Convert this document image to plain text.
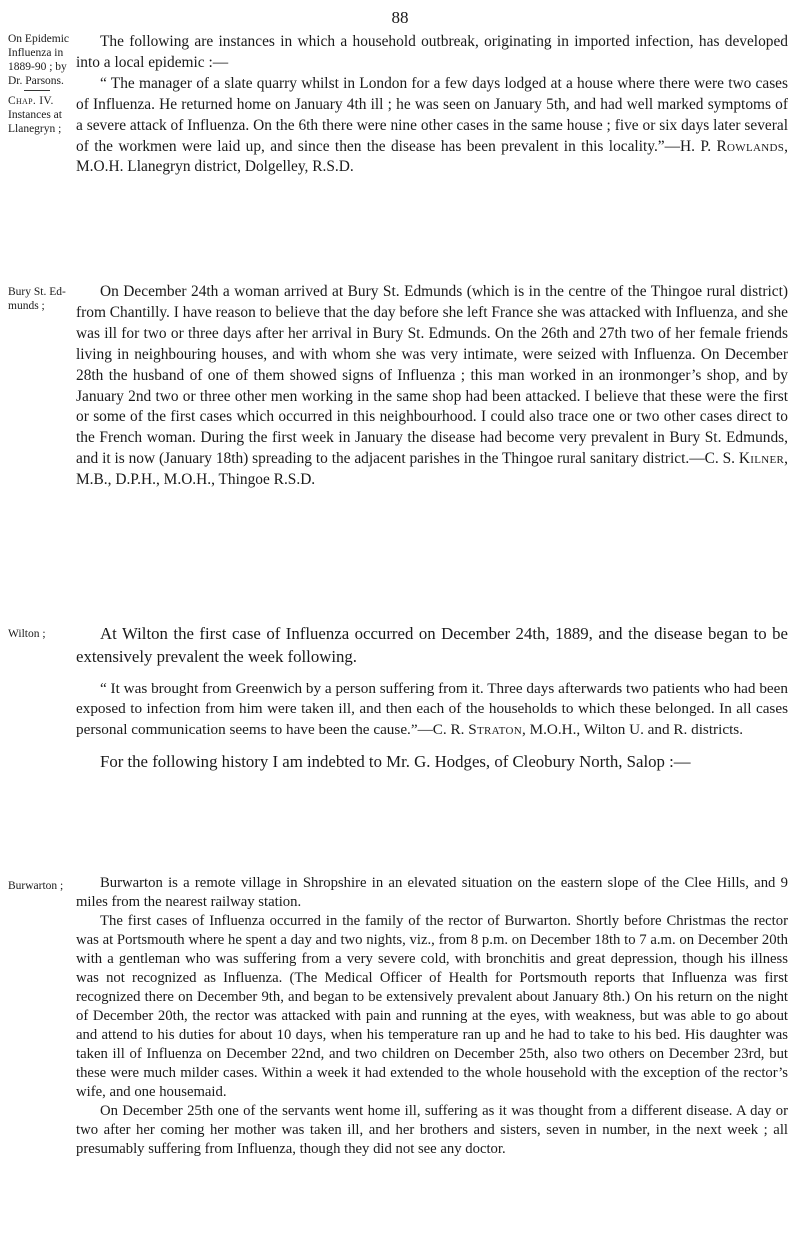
88
On Epidemic
Influenza in
1889-90 ; by
Dr. Parsons.
Chap. IV.
Instances at
Llanegryn ;
Bury St. Ed-
munds ;
Wilton ;
Burwarton ;

The following are instances in which a household outbreak, originating in imported infection, has developed into a local epidemic :—

“ The manager of a slate quarry whilst in London for a few days lodged at a house where there were two cases of Influenza. He returned home on January 4th ill ; he was seen on January 5th, and had well marked symptoms of a severe attack of Influenza. On the 6th there were nine other cases in the same house ; five or six days later several of the workmen were laid up, and since then the disease has been prevalent in this locality.”—H. P. Rowlands, M.O.H. Llanegryn district, Dolgelley, R.S.D.

On December 24th a woman arrived at Bury St. Edmunds (which is in the centre of the Thingoe rural district) from Chantilly. I have reason to believe that the day before she left France she was attacked with Influenza, and she was ill for two or three days after her arrival in Bury St. Edmunds. On the 26th and 27th two of her female friends living in neighbouring houses, and with whom she was very intimate, were seized with Influenza. On December 28th the husband of one of them showed signs of Influenza ; this man worked in an ironmonger’s shop, and by January 2nd two or three other men working in the same shop had been attacked. I believe that these were the first or some of the first cases which occurred in this neighbourhood. I could also trace one or two other cases direct to the French woman. During the first week in January the disease had become very prevalent in Bury St. Edmunds, and it is now (January 18th) spreading to the adjacent parishes in the Thingoe rural sanitary district.—C. S. Kilner, M.B., D.P.H., M.O.H., Thingoe R.S.D.

At Wilton the first case of Influenza occurred on December 24th, 1889, and the disease began to be extensively prevalent the week following.

“ It was brought from Greenwich by a person suffering from it. Three days afterwards two patients who had been exposed to infection from him were taken ill, and then each of the households to which these belonged. In all cases personal communication seems to have been the cause.”—C. R. Straton, M.O.H., Wilton U. and R. districts.

For the following history I am indebted to Mr. G. Hodges, of Cleobury North, Salop :—

Burwarton is a remote village in Shropshire in an elevated situation on the eastern slope of the Clee Hills, and 9 miles from the nearest railway station.

The first cases of Influenza occurred in the family of the rector of Burwarton. Shortly before Christmas the rector was at Portsmouth where he spent a day and two nights, viz., from 8 p.m. on December 18th to 7 a.m. on December 20th with a gentleman who was suffering from a very severe cold, with bronchitis and great depression, though his illness was not recognized as Influenza. (The Medical Officer of Health for Portsmouth reports that Influenza was first recognized there on December 9th, and began to be extensively prevalent about January 8th.) On his return on the night of December 20th, the rector was attacked with pain and running at the eyes, with weakness, but was able to go about and attend to his duties for about 10 days, when his temperature ran up and he had to take to his bed. His daughter was taken ill of Influenza on December 22nd, and two children on December 25th, also two others on December 23rd, but these were much milder cases. Within a week it had extended to the whole household with the exception of the rector’s wife, and one housemaid.

On December 25th one of the servants went home ill, suffering as it was thought from a different disease. A day or two after her coming her mother was taken ill, and her brothers and sisters, seven in number, in the next week ; all presumably suffering from Influenza, though they did not see any doctor.
